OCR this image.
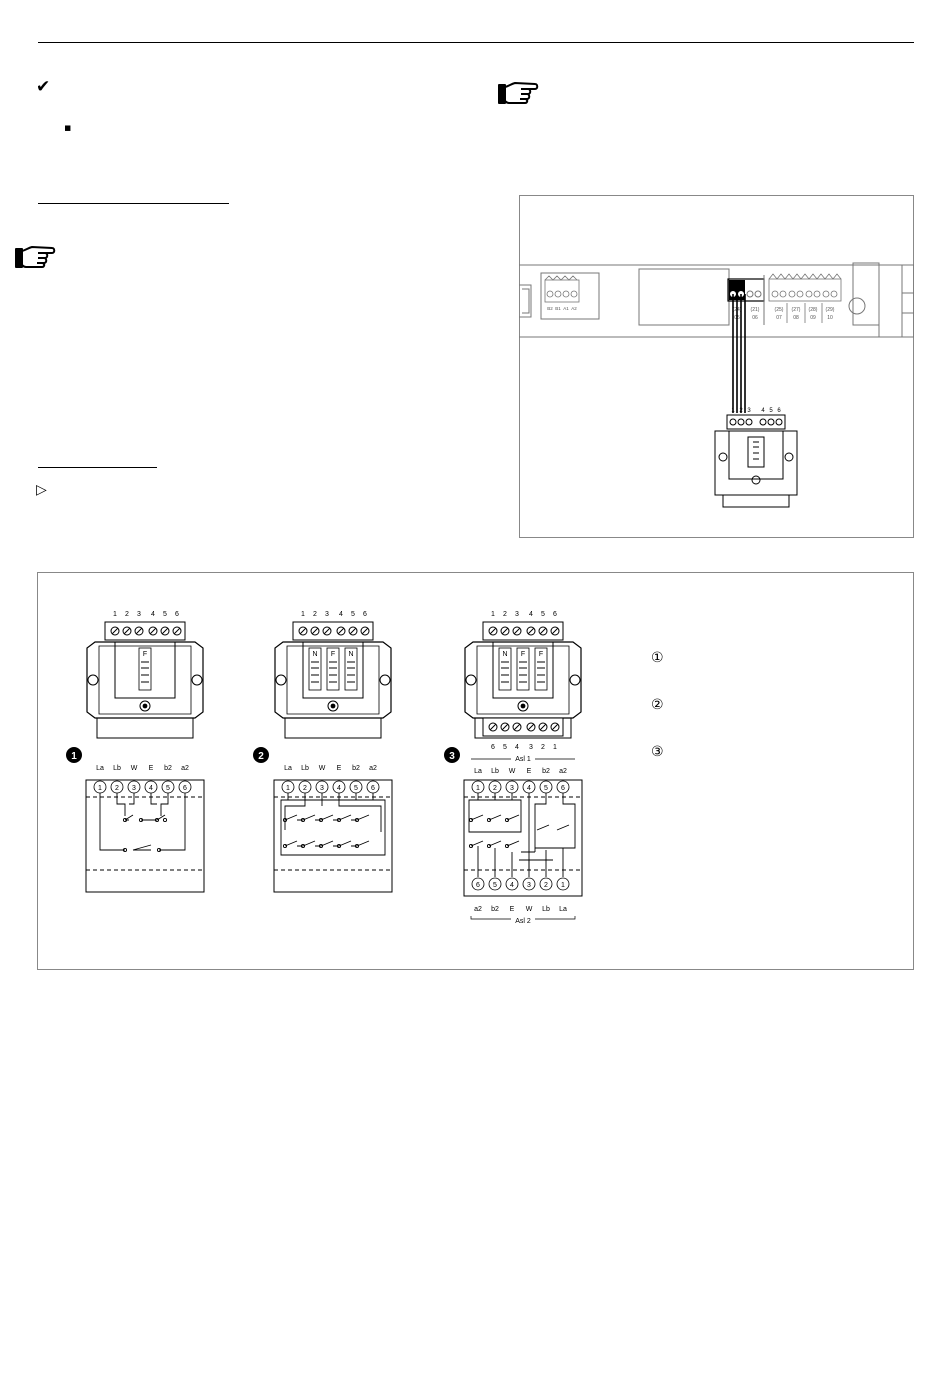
✔
▪
▷
B2 B1 A1 A2	(24) (21)
05 06
(25) (27) (28) (29)
07 08 09 10
1 2 3 4 5 6
F
1 2 3 4 5 6
1
La Lb W E b2 a2
1 2 3 4 5 6
N F N
1 2 3 4 5 6
2
La Lb W E b2 a2
1 2 3 4 5 6
N F F
1 2 3 4 5 6
6 5 4 3 2 1
Asl 1
3
La Lb W E b2 a2
1 2 3 4 5 6
6 5 4 3 2 1
a2 b2 E W Lb La
Asl 2
①
②
③
